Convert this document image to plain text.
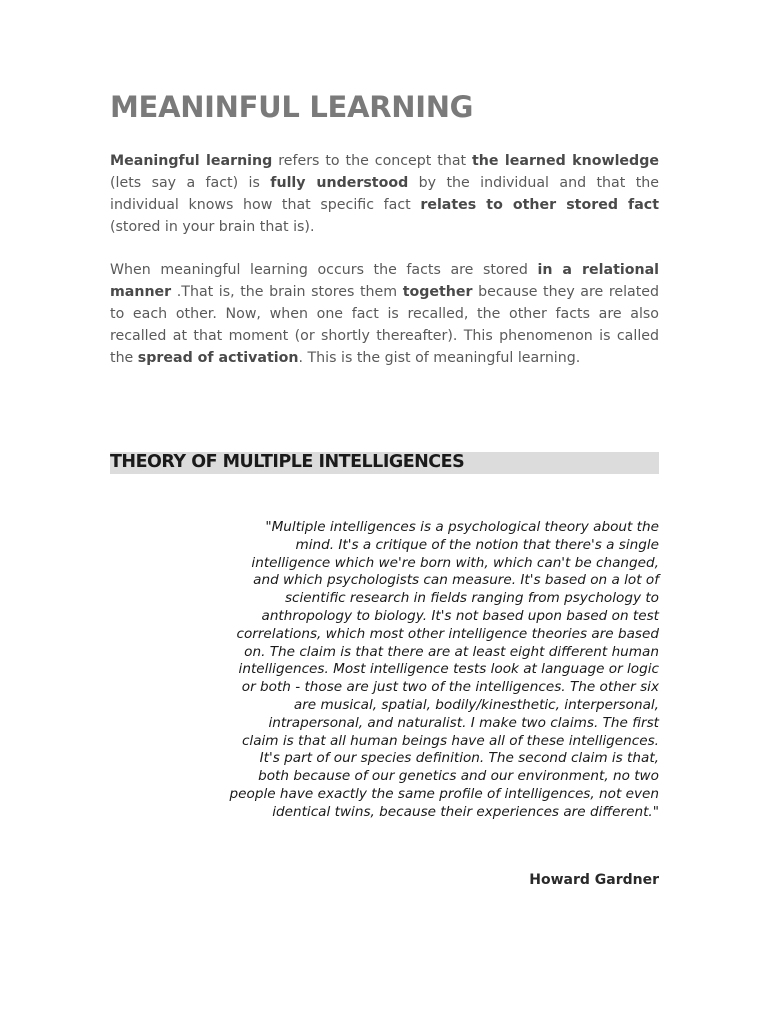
MEANINFUL LEARNING

Meaningful learning refers to the concept that the learned knowledge (lets say a fact) is fully understood by the individual and that the individual knows how that specific fact relates to other stored fact (stored in your brain that is).

When meaningful learning occurs the facts are stored in a relational manner .That is, the brain stores them together because they are related to each other. Now, when one fact is recalled, the other facts are also recalled at that moment (or shortly thereafter). This phenomenon is called the spread of activation. This is the gist of meaningful learning.

THEORY OF MULTIPLE INTELLIGENCES

"Multiple intelligences is a psychological theory about the mind. It's a critique of the notion that there's a single intelligence which we're born with, which can't be changed, and which psychologists can measure. It's based on a lot of scientific research in fields ranging from psychology to anthropology to biology. It's not based upon based on test correlations, which most other intelligence theories are based on. The claim is that there are at least eight different human intelligences. Most intelligence tests look at language or logic or both - those are just two of the intelligences. The other six are musical, spatial, bodily/kinesthetic, interpersonal, intrapersonal, and naturalist. I make two claims. The first claim is that all human beings have all of these intelligences. It's part of our species definition. The second claim is that, both because of our genetics and our environment, no two people have exactly the same profile of intelligences, not even identical twins, because their experiences are different."

Howard Gardner
